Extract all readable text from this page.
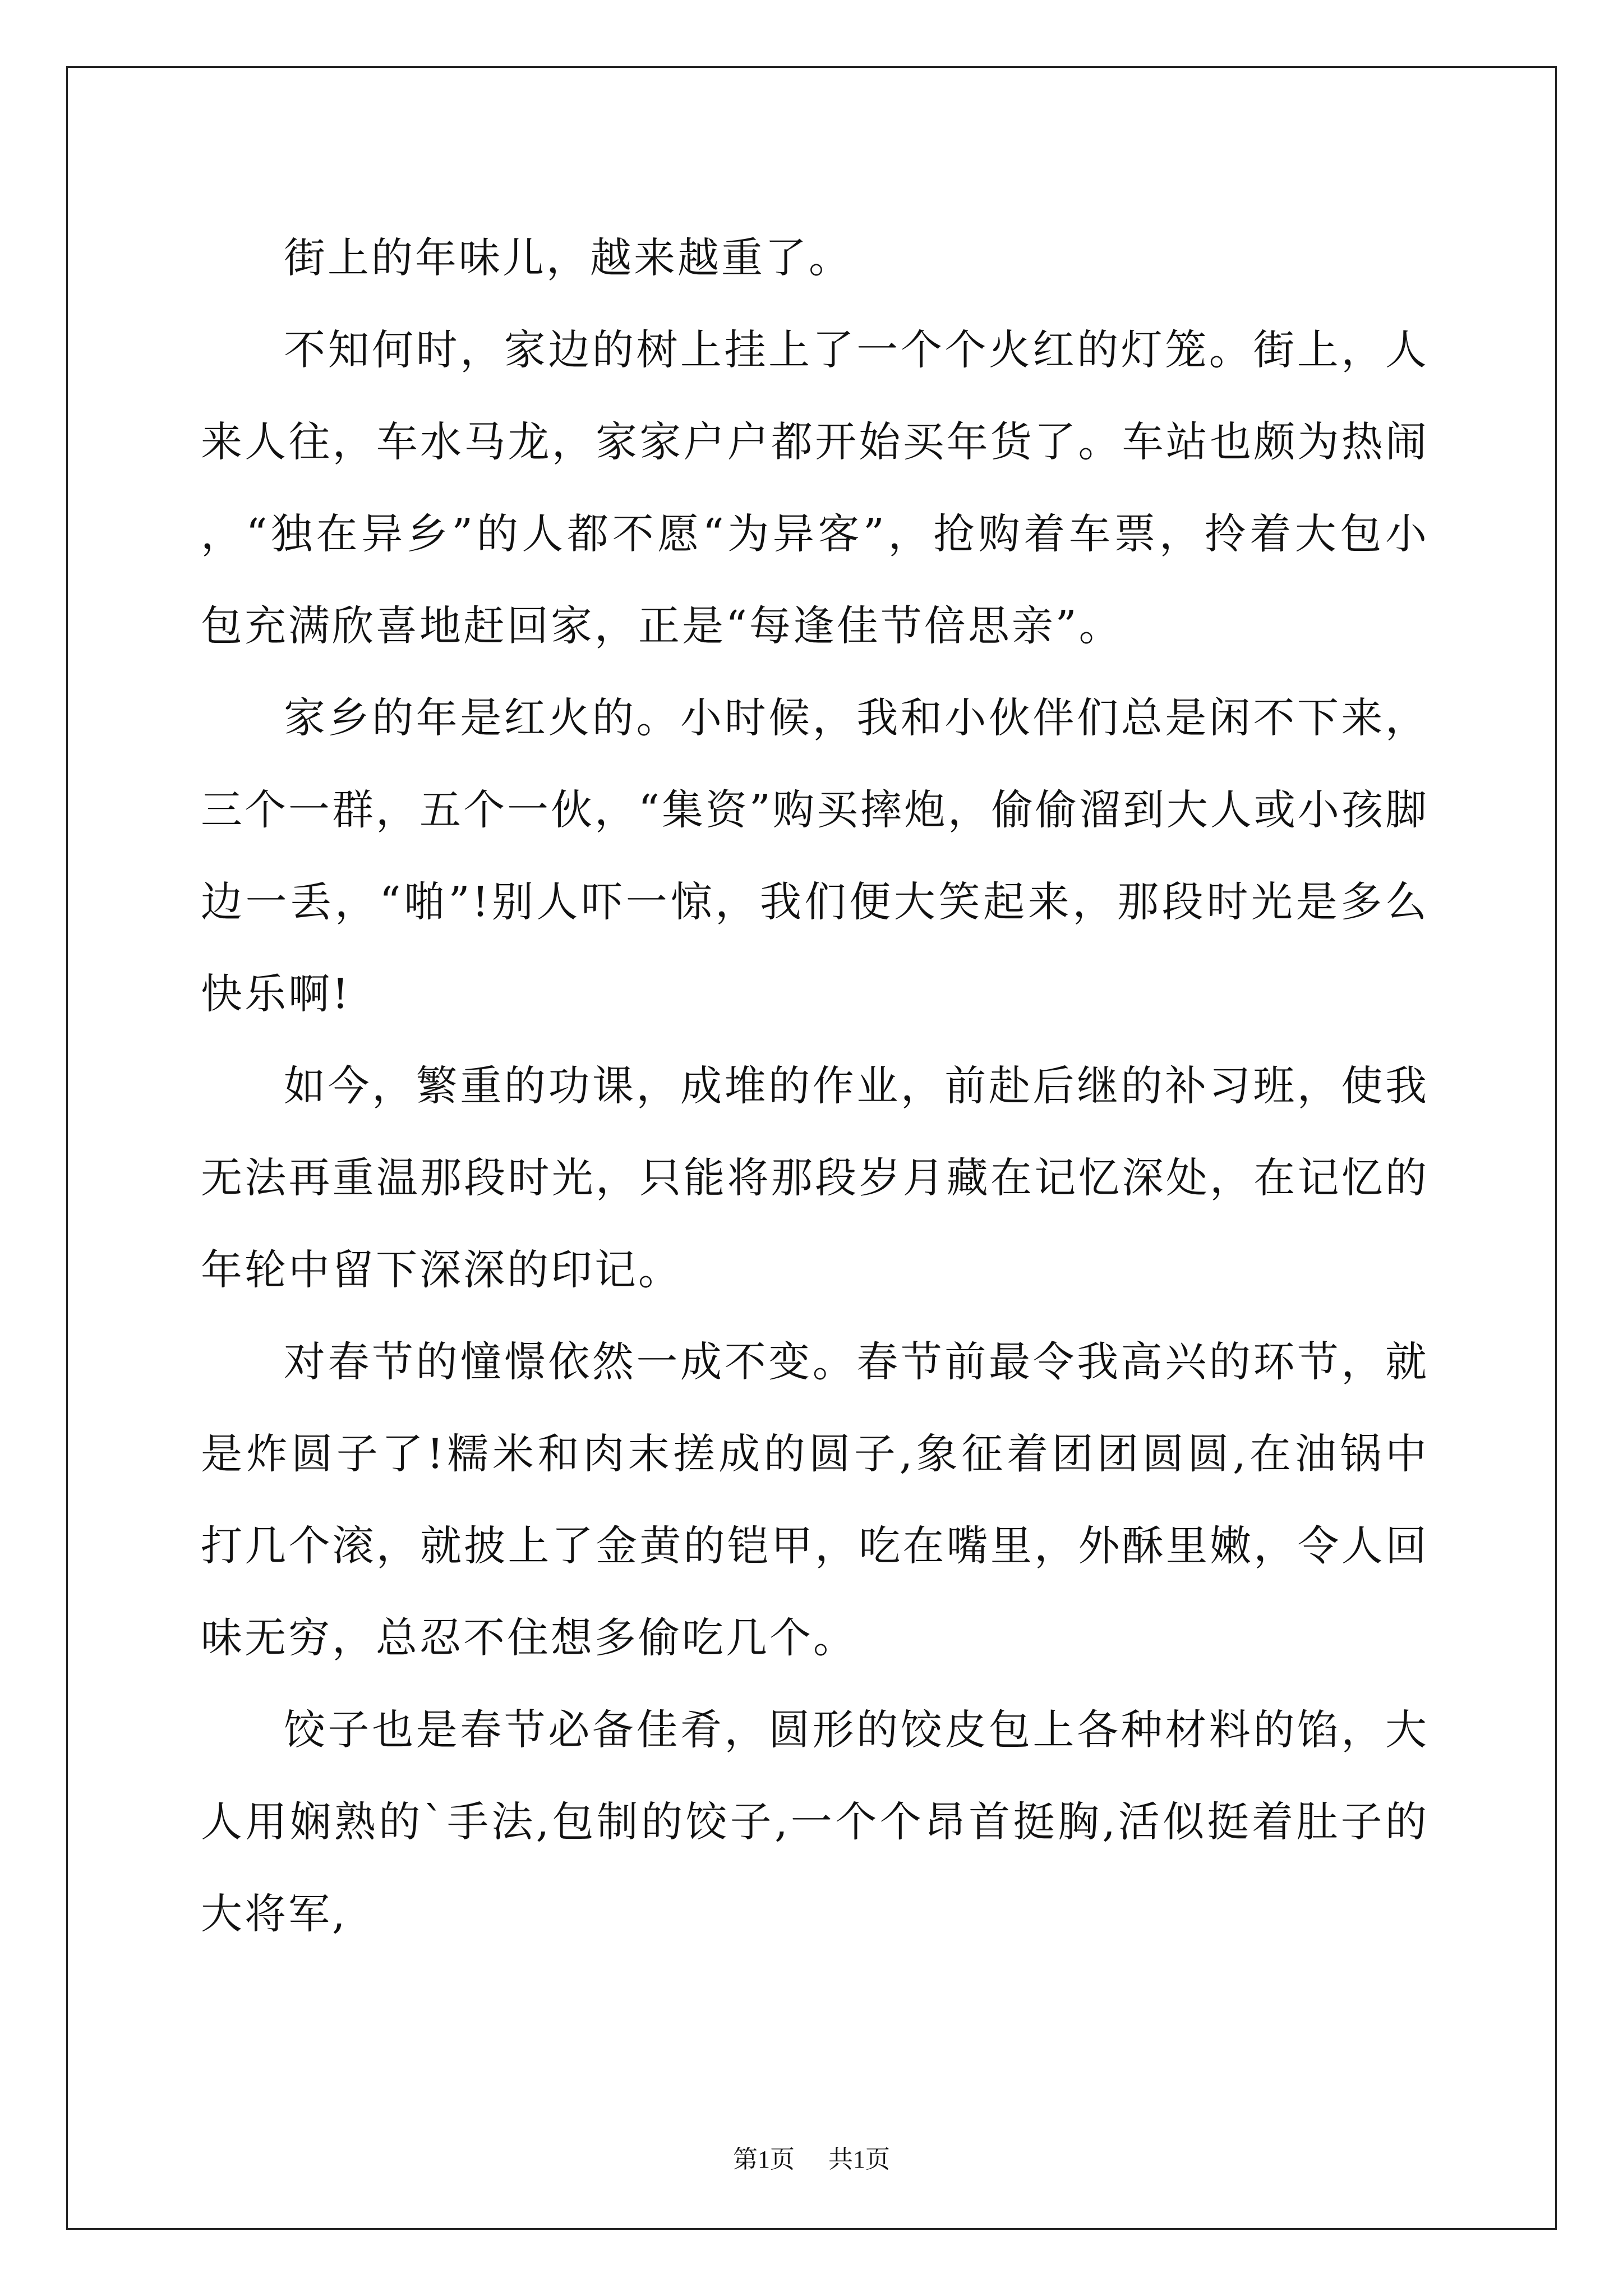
街上的年味儿，越来越重了。

不知何时，家边的树上挂上了一个个火红的灯笼。街上，人来人往，车水马龙，家家户户都开始买年货了。车站也颇为热闹，“独在异乡”的人都不愿“为异客”，抢购着车票，拎着大包小包充满欣喜地赶回家，正是“每逢佳节倍思亲”。

家乡的年是红火的。小时候，我和小伙伴们总是闲不下来，三个一群，五个一伙，“集资”购买摔炮，偷偷溜到大人或小孩脚边一丢，“啪”!别人吓一惊，我们便大笑起来，那段时光是多么快乐啊!

如今，繁重的功课，成堆的作业，前赴后继的补习班，使我无法再重温那段时光，只能将那段岁月藏在记忆深处，在记忆的年轮中留下深深的印记。

对春节的憧憬依然一成不变。春节前最令我高兴的环节，就是炸圆子了!糯米和肉末搓成的圆子,象征着团团圆圆,在油锅中打几个滚，就披上了金黄的铠甲，吃在嘴里，外酥里嫩，令人回味无穷，总忍不住想多偷吃几个。

饺子也是春节必备佳肴，圆形的饺皮包上各种材料的馅，大人用娴熟的`手法,包制的饺子,一个个昂首挺胸,活似挺着肚子的大将军,

第1页 共1页
